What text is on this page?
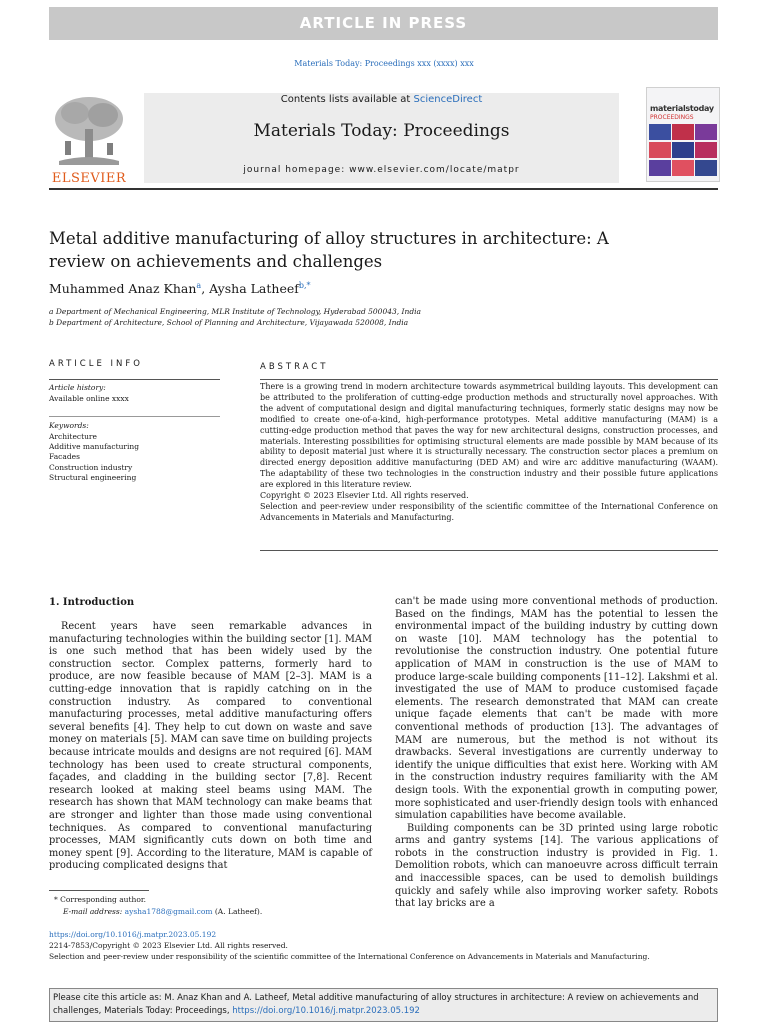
ARTICLE IN PRESS
Materials Today: Proceedings xxx (xxxx) xxx
ELSEVIER
Contents lists available at ScienceDirect
Materials Today: Proceedings
journal homepage: www.elsevier.com/locate/matpr
materialstoday
PROCEEDINGS
Metal additive manufacturing of alloy structures in architecture: A review on achievements and challenges
Muhammed Anaz Khan$^a$, Aysha Latheef$^{b,*}$
a Department of Mechanical Engineering, MLR Institute of Technology, Hyderabad 500043, India
b Department of Architecture, School of Planning and Architecture, Vijayawada 520008, India
ARTICLE INFO
Article history:
Available online xxxx
Keywords:
Architecture
Additive manufacturing
Facades
Construction industry
Structural engineering
ABSTRACT
There is a growing trend in modern architecture towards asymmetrical building layouts. This development can be attributed to the proliferation of cutting-edge production methods and structurally novel approaches. With the advent of computational design and digital manufacturing techniques, formerly static designs may now be modified to create one-of-a-kind, high-performance prototypes. Metal additive manufacturing (MAM) is a cutting-edge production method that paves the way for new architectural designs, construction processes, and materials. Interesting possibilities for optimising structural elements are made possible by MAM because of its ability to deposit material just where it is structurally necessary. The construction sector places a premium on directed energy deposition additive manufacturing (DED AM) and wire arc additive manufacturing (WAAM). The adaptability of these two technologies in the construction industry and their possible future applications are explored in this literature review.
Copyright © 2023 Elsevier Ltd. All rights reserved.
Selection and peer-review under responsibility of the scientific committee of the International Conference on Advancements in Materials and Manufacturing.
1. Introduction

Recent years have seen remarkable advances in manufacturing technologies within the building sector [1]. MAM is one such method that has been widely used by the construction sector. Complex patterns, formerly hard to produce, are now feasible because of MAM [2–3]. MAM is a cutting-edge innovation that is rapidly catching on in the construction industry. As compared to conventional manufacturing processes, metal additive manufacturing offers several benefits [4]. They help to cut down on waste and save money on materials [5]. MAM can save time on building projects because intricate moulds and designs are not required [6]. MAM technology has been used to create structural components, façades, and cladding in the building sector [7,8]. Recent research looked at making steel beams using MAM. The research has shown that MAM technology can make beams that are stronger and lighter than those made using conventional techniques. As compared to conventional manufacturing processes, MAM significantly cuts down on both time and money spent [9]. According to the literature, MAM is capable of producing complicated designs that

can't be made using more conventional methods of production. Based on the findings, MAM has the potential to lessen the environmental impact of the building industry by cutting down on waste [10]. MAM technology has the potential to revolutionise the construction industry. One potential future application of MAM in construction is the use of MAM to produce large-scale building components [11–12]. Lakshmi et al. investigated the use of MAM to produce customised façade elements. The research demonstrated that MAM can create unique façade elements that can't be made with more conventional methods of production [13]. The advantages of MAM are numerous, but the method is not without its drawbacks. Several investigations are currently underway to identify the unique difficulties that exist here. Working with AM in the construction industry requires familiarity with the AM design tools. With the exponential growth in computing power, more sophisticated and user-friendly design tools with enhanced simulation capabilities have become available.

Building components can be 3D printed using large robotic arms and gantry systems [14]. The various applications of robots in the construction industry is provided in Fig. 1. Demolition robots, which can manoeuvre across difficult terrain and inaccessible spaces, can be used to demolish buildings quickly and safely while also improving worker safety. Robots that lay bricks are a

* Corresponding author.
E-mail address: aysha1788@gmail.com (A. Latheef).
https://doi.org/10.1016/j.matpr.2023.05.192
2214-7853/Copyright © 2023 Elsevier Ltd. All rights reserved.
Selection and peer-review under responsibility of the scientific committee of the International Conference on Advancements in Materials and Manufacturing.
Please cite this article as: M. Anaz Khan and A. Latheef, Metal additive manufacturing of alloy structures in architecture: A review on achievements and challenges, Materials Today: Proceedings, https://doi.org/10.1016/j.matpr.2023.05.192
